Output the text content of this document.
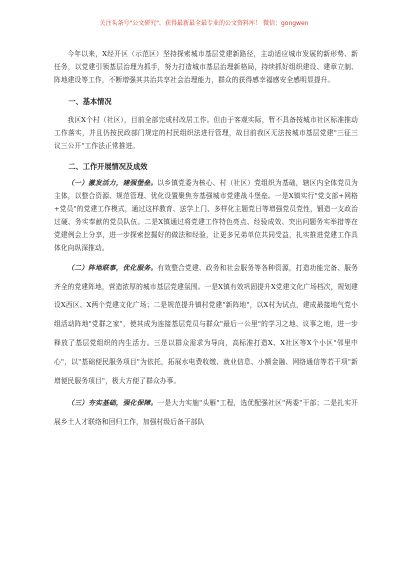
关注头条号"公文研究"，获得最新最全最专业的公文资料库！ 微信：gongwen

今年以来，X经开区（示范区）坚持探索城市基层党建新路径，主动适应城市发展的新形势、新任务，以党建引领基层治理为抓手，努力打造城市基层治理新格局，持续抓好组织建设、建章立制、阵地建设等工作，不断增强其共治共享社会治理能力，群众的获得感幸福感安全感明显提升。

一、基本情况

我区X个村（社区），目前全部完成村改居工作。但由于客观实际，暂不具备按城市社区标准推动工作落实，并且仍按民政部门规定的村民组织法进行管理，故目前我区无法按城市基层党建"三征三议三公开"工作法正常推进。

二、工作开展情况及成效

（一）激发活力，建强堡垒。以乡镇党委为核心、村（社区）党组织为基础，辖区内全体党员为主体，以整合资源、规范管理、优化设置聚焦夯基强城市党建战斗堡垒。一是X镇实行"党支部+网格+党员"的党建工作模式，通过这样教育、送学上门、多样化主题党日等增强党员党性，锻造一支政治过硬、务实奉献的党员队伍。二是X镇通过将党建工作特色亮点、经验成效、突出问题务实举措等在党建例会上分享，进一步探索挖掘好的做法和经验，让更多兄弟单位共同受益，扎实推进党建工作具体化向纵深推动。

（二）阵地联事，优化服务。有效整合党建、政务和社会服务等各种资源，打造功能完备、服务齐全的党建阵地，营造浓厚的城市基层党建氛围。一是X镇有效巩固提升X党建文化广场档次，规划建设X西区、X两个党建文化广场；二是规范提升镇村党建"新阵地"，以X村为试点，建成最接地气党小组活动阵地"党群之家"，使其成为连接基层党员与群众"最后一公里"的学习之地、议事之地，进一步释放了基层党组织的内生活力。三是以群众需求为导向，高标准打造X、X社区等X个小区"邻里中心"，以"基础便民服务项目"为依托，拓展水电费收缴、就业信息、小额金融、网络通信等若干项"新增便民服务项目"，极大方便了群众办事。

（三）夯实基础，强化保障。一是大力实施"头雁"工程，选优配强社区"两委"干部；二是扎实开展乡土人才联络和回归工作，加强村级后备干部队
